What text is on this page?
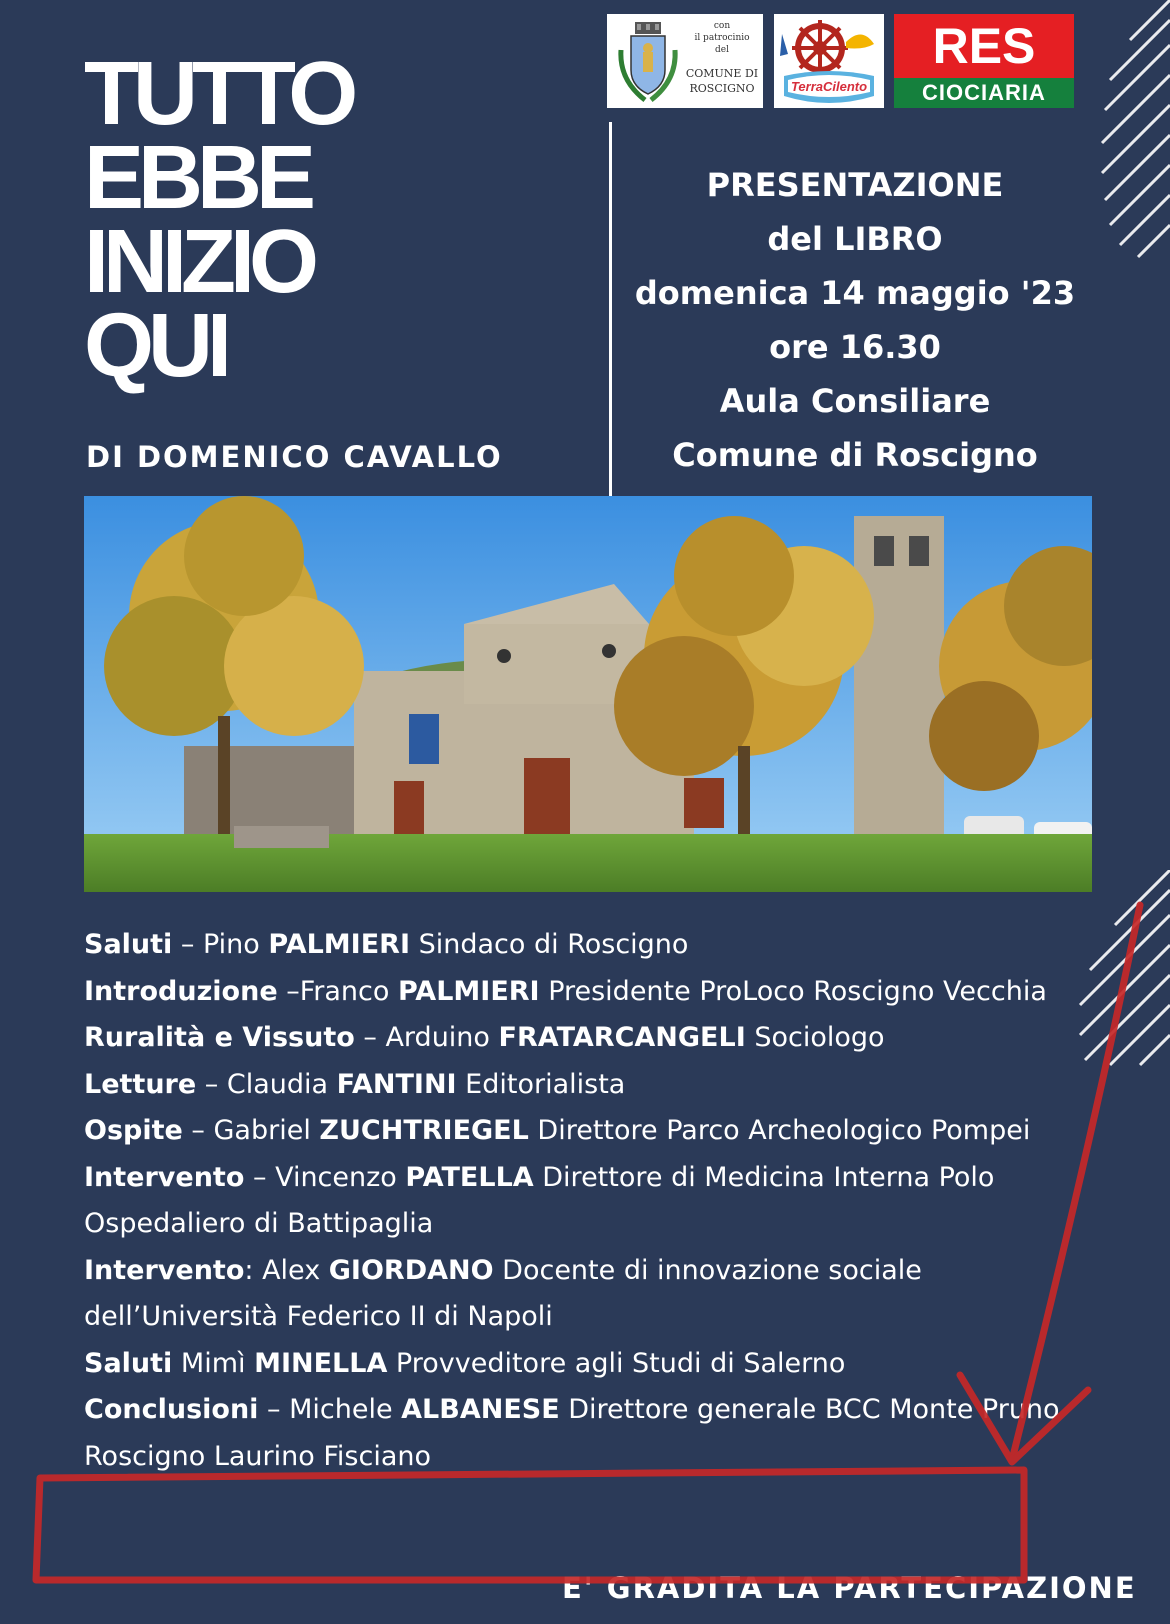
TUTTO
EBBE
INIZIO
QUI
DI DOMENICO CAVALLO
con
il patrocinio
del
COMUNE DI
ROSCIGNO	TerraCilento
RES
CIOCIARIA
PRESENTAZIONE
del LIBRO
domenica 14 maggio '23
ore 16.30
Aula Consiliare
Comune di Roscigno
Saluti – Pino PALMIERI Sindaco di Roscigno
Introduzione –Franco PALMIERI Presidente ProLoco Roscigno Vecchia
Ruralità e Vissuto – Arduino FRATARCANGELI Sociologo
Letture – Claudia FANTINI Editorialista
Ospite – Gabriel ZUCHTRIEGEL Direttore Parco Archeologico Pompei
Intervento – Vincenzo PATELLA Direttore di Medicina Interna Polo Ospedaliero di Battipaglia
Intervento: Alex GIORDANO Docente di innovazione sociale dell’Università Federico II di Napoli
Saluti Mimì MINELLA Provveditore agli Studi di Salerno
Conclusioni – Michele ALBANESE Direttore generale BCC Monte Pruno Roscigno Laurino Fisciano
E' GRADITA LA PARTECIPAZIONE
